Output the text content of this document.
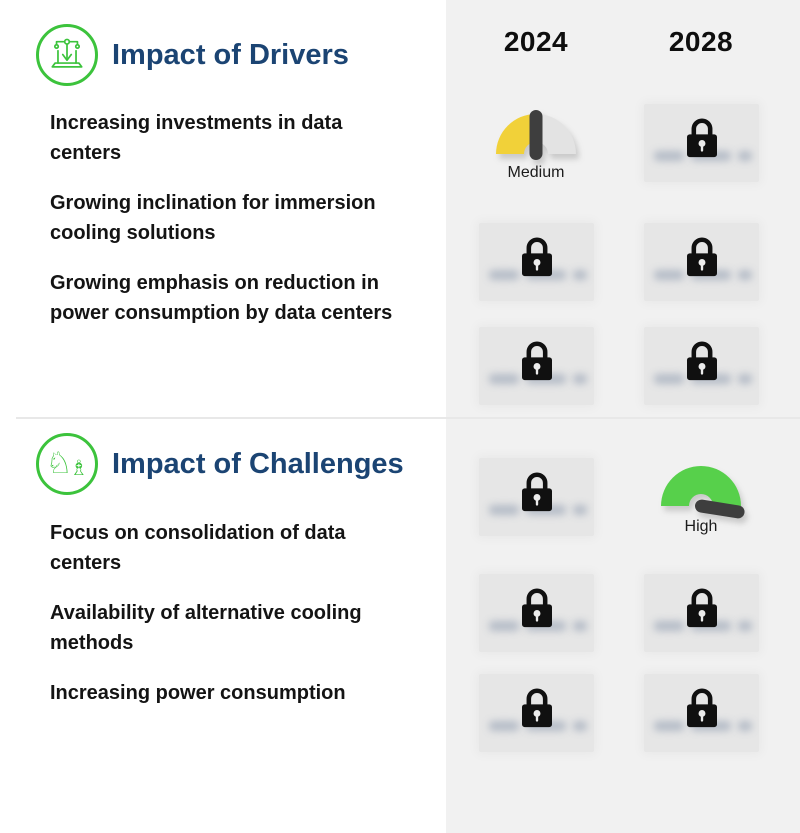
2024	2028
Impact of Drivers
Increasing investments in data centers
Growing inclination for immersion cooling solutions
Growing emphasis on reduction in power consumption by data centers
♘
♗ Impact of Challenges
Focus on consolidation of data centers
Availability of alternative cooling methods
Increasing power consumption
Medium
High
